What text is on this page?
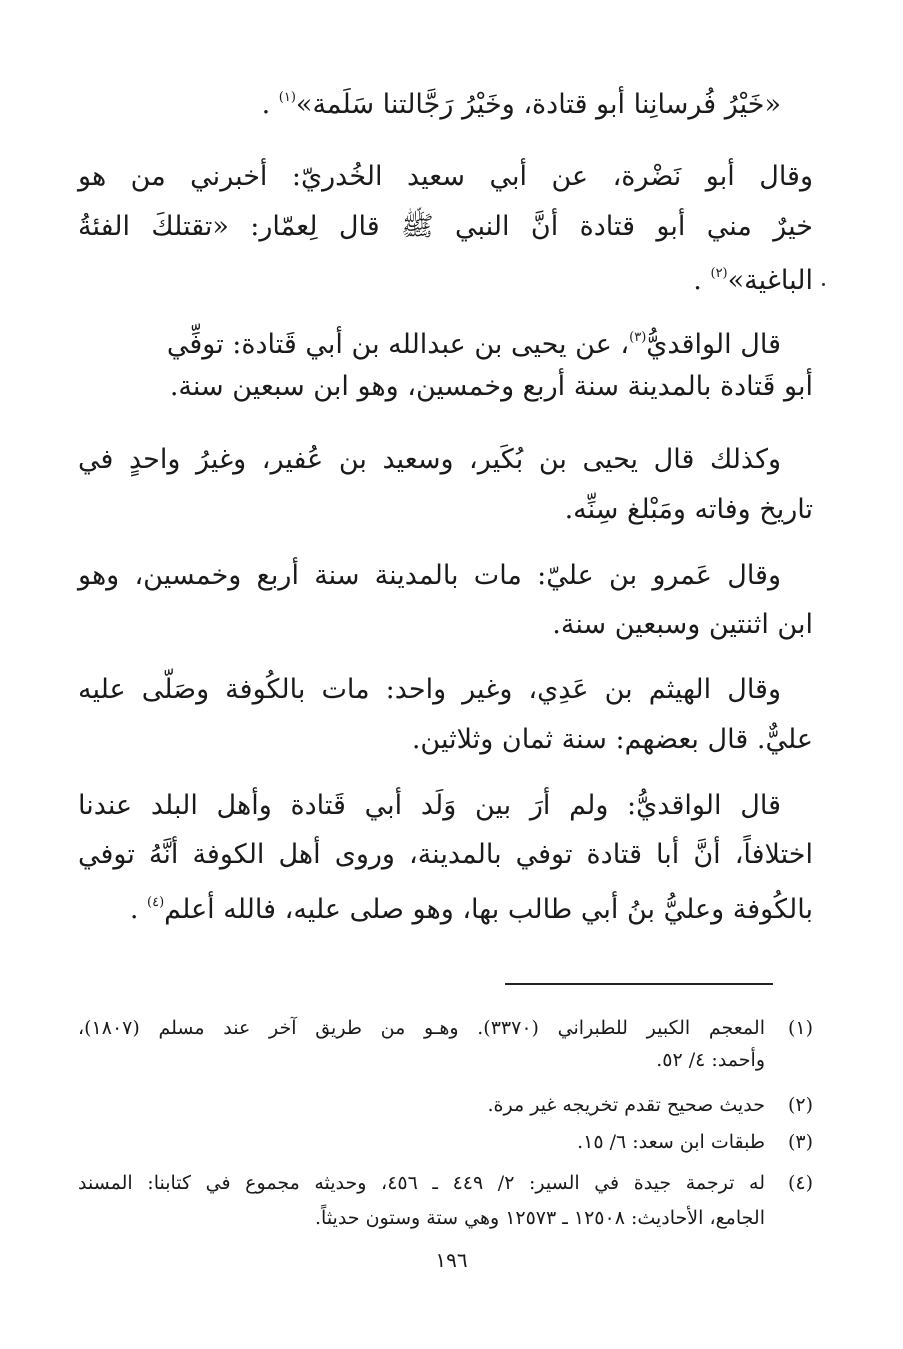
«خَيْرُ فُرسانِنا أبو قتادة، وخَيْرُ رَجَّالتنا سَلَمة»$^{(١)}$ .
وقال أبو نَضْرة، عن أبي سعيد الخُدريّ: أخبرني من هو
خيرٌ مني أبو قتادة أنَّ النبي ﷺ قال لِعمّار: «تقتلكَ الفئةُ
الباغية»$^{(٢)}$ .
قال الواقديُّ$^{(٣)}$، عن يحيى بن عبدالله بن أبي قَتادة: توفِّي
أبو قَتادة بالمدينة سنة أربع وخمسين، وهو ابن سبعين سنة.
وكذلك قال يحيى بن بُكَير، وسعيد بن عُفير، وغيرُ واحدٍ في
تاريخ وفاته ومَبْلغ سِنِّه.
وقال عَمرو بن عليّ: مات بالمدينة سنة أربع وخمسين، وهو
ابن اثنتين وسبعين سنة.
وقال الهيثم بن عَدِي، وغير واحد: مات بالكُوفة وصَلّى عليه
عليٌّ. قال بعضهم: سنة ثمان وثلاثين.
قال الواقديُّ: ولم أرَ بين وَلَد أبي قَتادة وأهل البلد عندنا
اختلافاً، أنَّ أبا قتادة توفي بالمدينة، وروى أهل الكوفة أنَّهُ توفي
بالكُوفة وعليُّ بنُ أبي طالب بها، وهو صلى عليه، فالله أعلم$^{(٤)}$ .
(١)
المعجم الكبير للطبراني (٣٣٧٠). وهـو من طريق آخر عند مسلم (١٨٠٧)،
وأحمد: ٤/ ٥٢.
(٢)
حديث صحيح تقدم تخريجه غير مرة.
(٣)
طبقات ابن سعد: ٦/ ١٥.
(٤)
له ترجمة جيدة في السير: ٢/ ٤٤٩ ـ ٤٥٦، وحديثه مجموع في كتابنا: المسند
الجامع، الأحاديث: ١٢٥٠٨ ـ ١٢٥٧٣ وهي ستة وستون حديثاً.
١٩٦
